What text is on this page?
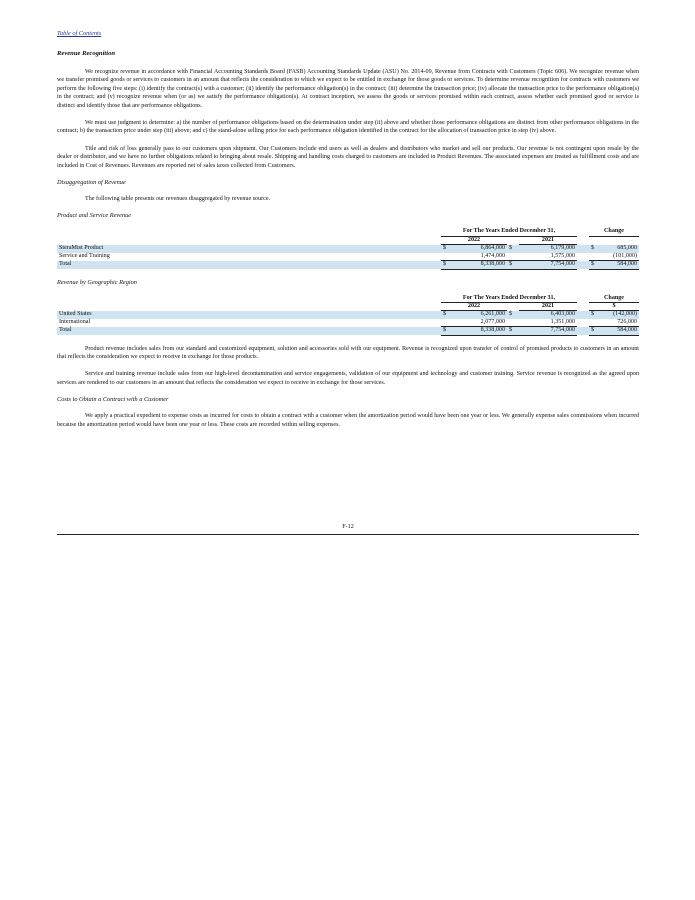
Table of Contents
Revenue Recognition

We recognize revenue in accordance with Financial Accounting Standards Board (FASB) Accounting Standards Update (ASU) No. 2014-09, Revenue from Contracts with Customers (Topic 606). We recognize revenue when we transfer promised goods or services to customers in an amount that reflects the consideration to which we expect to be entitled in exchange for those goods or services. To determine revenue recognition for contracts with customers we perform the following five steps: (i) identify the contract(s) with a customer; (ii) identify the performance obligation(s) in the contract; (iii) determine the transaction price; (iv) allocate the transaction price to the performance obligation(s) in the contract; and (v) recognize revenue when (or as) we satisfy the performance obligation(s). At contract inception, we assess the goods or services promised within each contract, assess whether each promised good or service is distinct and identify those that are performance obligations.

We must use judgment to determine: a) the number of performance obligations based on the determination under step (ii) above and whether those performance obligations are distinct from other performance obligations in the contract; b) the transaction price under step (iii) above; and c) the stand-alone selling price for each performance obligation identified in the contract for the allocation of transaction price in step (iv) above.

Title and risk of loss generally pass to our customers upon shipment. Our Customers include end users as well as dealers and distributors who market and sell our products. Our revenue is not contingent upon resale by the dealer or distributor, and we have no further obligations related to bringing about resale. Shipping and handling costs charged to customers are included in Product Revenues. The associated expenses are treated as fulfillment costs and are included in Cost of Revenues. Revenues are reported net of sales taxes collected from Customers.

Disaggregation of Revenue

The following table presents our revenues disaggregated by revenue source.

Product and Service Revenue
	For The Years Ended December 31,					Change	
	2022			2021			
SteraMist Product	$	6,864,000	$	6,179,000		$	685,000
Service and Training		1,474,000		1,575,000			(101,000)
Total	$	8,338,000	$	7,754,000		$	584,000
Revenue by Geographic Region
	For The Years Ended December 31,					Change	
	2022			2021		$	
United States	$	6,261,000	$	6,403,000		$	(142,000)
International		2,077,000		1,351,000			726,000
Total	$	8,338,000	$	7,754,000		$	584,000

Product revenue includes sales from our standard and customized equipment, solution and accessories sold with our equipment. Revenue is recognized upon transfer of control of promised products to customers in an amount that reflects the consideration we expect to receive in exchange for those products.

Service and training revenue include sales from our high-level decontamination and service engagements, validation of our equipment and technology and customer training. Service revenue is recognized as the agreed upon services are rendered to our customers in an amount that reflects the consideration we expect to receive in exchange for those services.

Costs to Obtain a Contract with a Customer

We apply a practical expedient to expense costs as incurred for costs to obtain a contract with a customer when the amortization period would have been one year or less. We generally expense sales commissions when incurred because the amortization period would have been one year or less. These costs are recorded within selling expenses.

F-12
